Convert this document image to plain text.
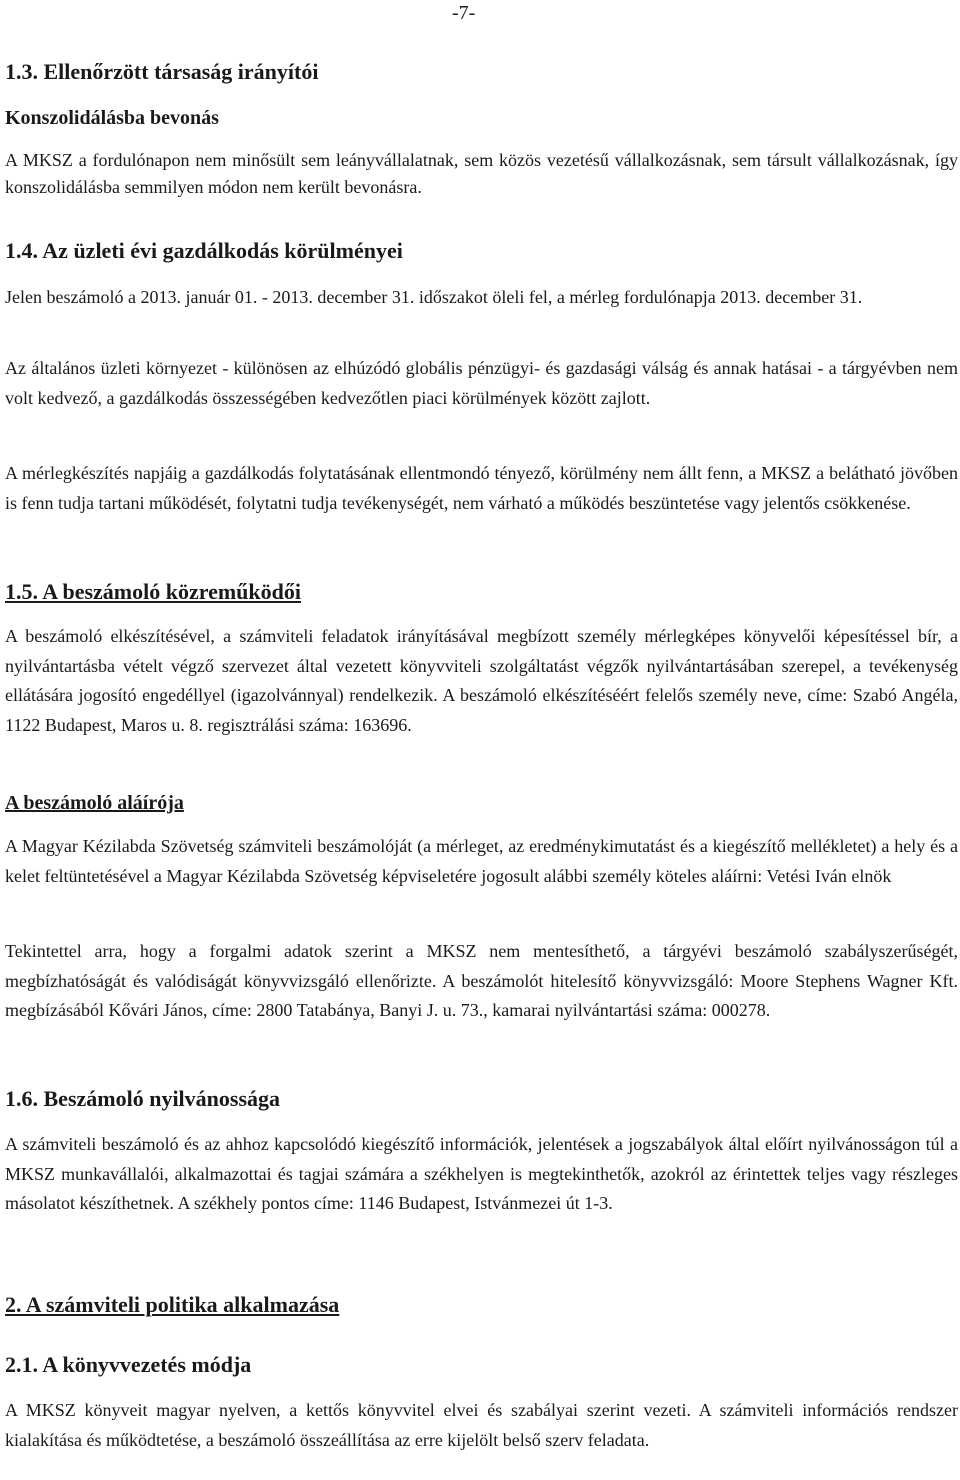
-7-

1.3. Ellenőrzött társaság irányítói
Konszolidálásba bevonás

A MKSZ a fordulónapon nem minősült sem leányvállalatnak, sem közös vezetésű vállalkozásnak, sem társult vállalkozásnak, így konszolidálásba semmilyen módon nem került bevonásra.

1.4. Az üzleti évi gazdálkodás körülményei

Jelen beszámoló a 2013. január 01. - 2013. december 31. időszakot öleli fel, a mérleg fordulónapja 2013. december 31.

Az általános üzleti környezet - különösen az elhúzódó globális pénzügyi- és gazdasági válság és annak hatásai - a tárgyévben nem volt kedvező, a gazdálkodás összességében kedvezőtlen piaci körülmények között zajlott.

A mérlegkészítés napjáig a gazdálkodás folytatásának ellentmondó tényező, körülmény nem állt fenn, a MKSZ a belátható jövőben is fenn tudja tartani működését, folytatni tudja tevékenységét, nem várható a működés beszüntetése vagy jelentős csökkenése.

1.5. A beszámoló közreműködői

A beszámoló elkészítésével, a számviteli feladatok irányításával megbízott személy mérlegképes könyvelői képesítéssel bír, a nyilvántartásba vételt végző szervezet által vezetett könyvviteli szolgáltatást végzők nyilvántartásában szerepel, a tevékenység ellátására jogosító engedéllyel (igazolvánnyal) rendelkezik. A beszámoló elkészítéséért felelős személy neve, címe: Szabó Angéla, 1122 Budapest, Maros u. 8. regisztrálási száma: 163696.

A beszámoló aláírója

A Magyar Kézilabda Szövetség számviteli beszámolóját (a mérleget, az eredménykimutatást és a kiegészítő mellékletet) a hely és a kelet feltüntetésével a Magyar Kézilabda Szövetség képviseletére jogosult alábbi személy köteles aláírni: Vetési Iván elnök

Tekintettel arra, hogy a forgalmi adatok szerint a MKSZ nem mentesíthető, a tárgyévi beszámoló szabályszerűségét, megbízhatóságát és valódiságát könyvvizsgáló ellenőrizte. A beszámolót hitelesítő könyvvizsgáló: Moore Stephens Wagner Kft. megbízásából Kővári János, címe: 2800 Tatabánya, Banyi J. u. 73., kamarai nyilvántartási száma: 000278.

1.6. Beszámoló nyilvánossága

A számviteli beszámoló és az ahhoz kapcsolódó kiegészítő információk, jelentések a jogszabályok által előírt nyilvánosságon túl a MKSZ munkavállalói, alkalmazottai és tagjai számára a székhelyen is megtekinthetők, azokról az érintettek teljes vagy részleges másolatot készíthetnek. A székhely pontos címe: 1146 Budapest, Istvánmezei út 1-3.

2. A számviteli politika alkalmazása
2.1. A könyvvezetés módja

A MKSZ könyveit magyar nyelven, a kettős könyvvitel elvei és szabályai szerint vezeti. A számviteli információs rendszer kialakítása és működtetése, a beszámoló összeállítása az erre kijelölt belső szerv feladata.
